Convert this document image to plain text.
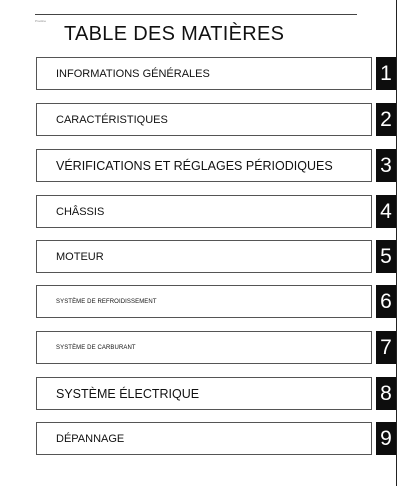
Prooline
TABLE DES MATIÈRES
INFORMATIONS GÉNÉRALES	1
CARACTÉRISTIQUES	2
VÉRIFICATIONS ET RÉGLAGES PÉRIODIQUES 3
CHÂSSIS	4
MOTEUR	5
SYSTÈME DE REFROIDISSEMENT	6
SYSTÈME DE CARBURANT	7
SYSTÈME ÉLECTRIQUE	8
DÉPANNAGE	9
